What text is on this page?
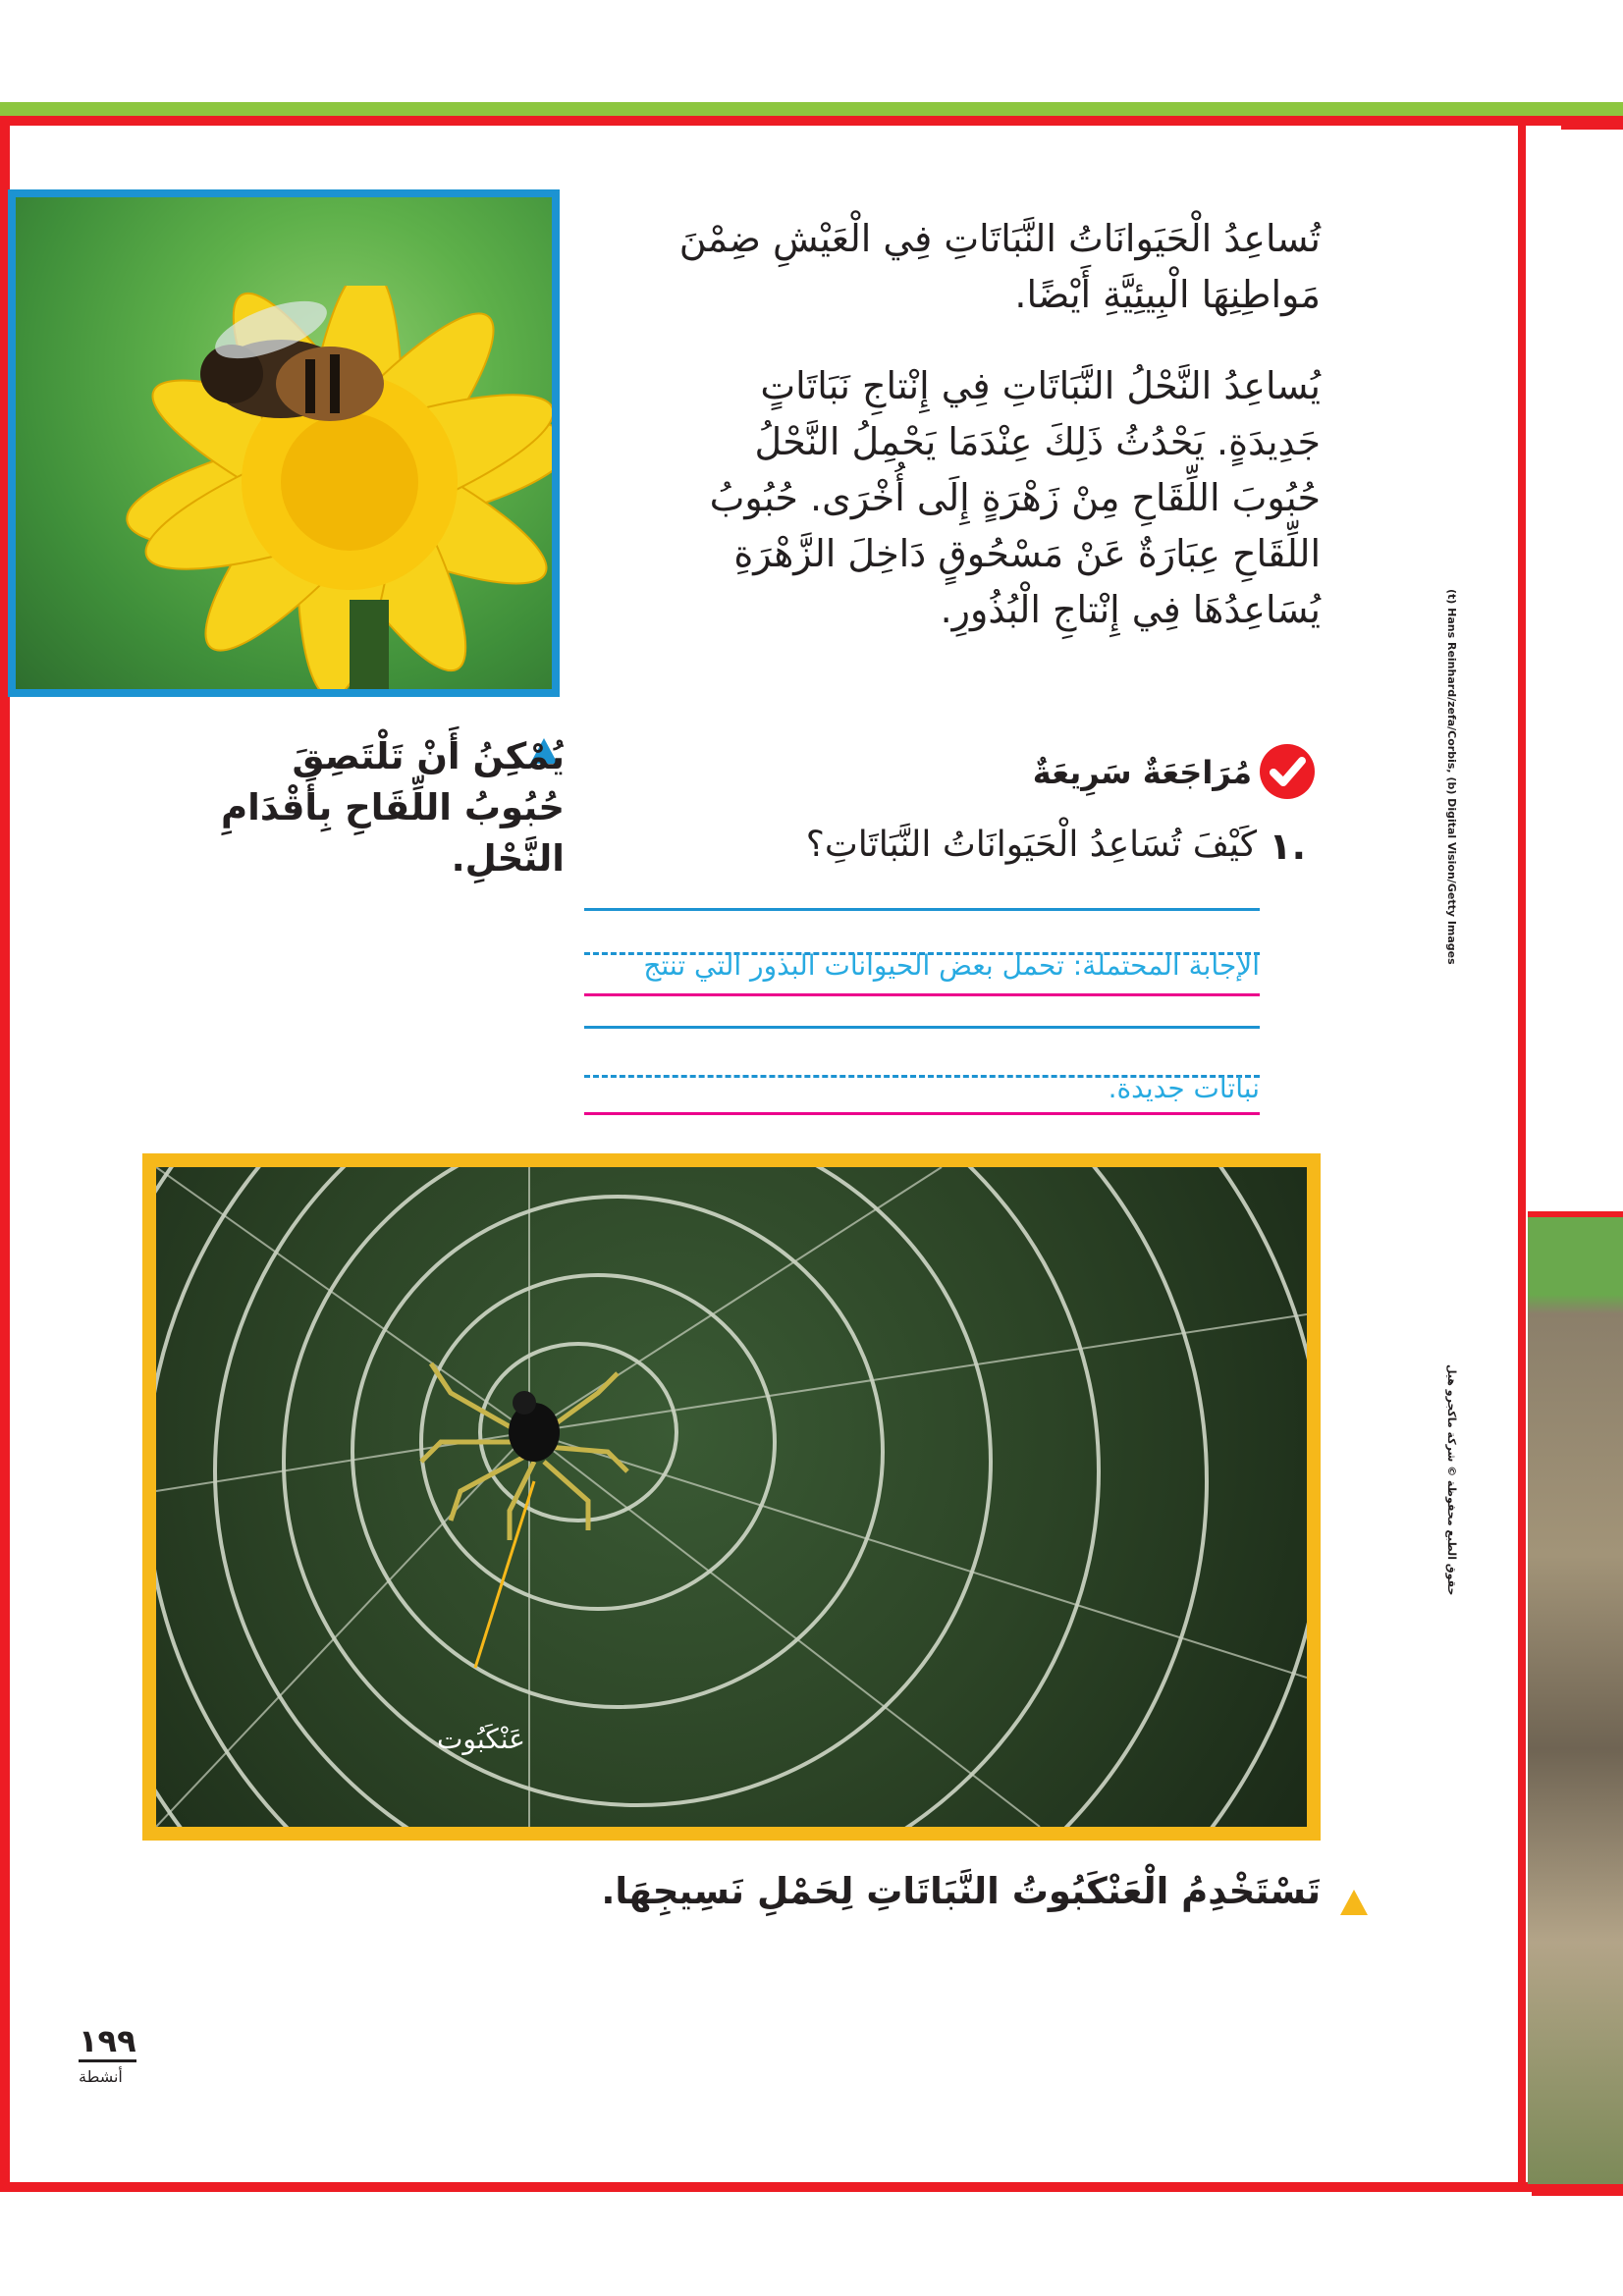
تُساعِدُ الْحَيَوانَاتُ النَّبَاتَاتِ فِي الْعَيْشِ ضِمْنَ مَواطِنِهَا الْبِيئِيَّةِ أَيْضًا.
يُساعِدُ النَّحْلُ النَّبَاتَاتِ فِي إِنْتاجِ نَبَاتَاتٍ جَدِيدَةٍ. يَحْدُثُ ذَلِكَ عِنْدَمَا يَحْمِلُ النَّحْلُ حُبُوبَ اللِّقَاحِ مِنْ زَهْرَةٍ إِلَى أُخْرَى. حُبُوبُ اللِّقَاحِ عِبَارَةٌ عَنْ مَسْحُوقٍ دَاخِلَ الزَّهْرَةِ يُسَاعِدُهَا فِي إِنْتاجِ الْبُذُورِ.
يُمْكِنُ أَنْ تَلْتَصِقَ حُبُوبُ اللِّقَاحِ بِأَقْدَامِ النَّحْلِ.
مُرَاجَعَةٌ سَرِيعَةٌ
١.
كَيْفَ تُسَاعِدُ الْحَيَوانَاتُ النَّبَاتَاتِ؟
الإجابة المحتملة: تحمل بعض الحيوانات البذور التي تنتج
نباتات جديدة.
عَنْكَبُوت
تَسْتَخْدِمُ الْعَنْكَبُوتُ النَّبَاتَاتِ لِحَمْلِ نَسِيجِهَا.
١٩٩
أنشطة
(t) Hans Reinhard/zefa/Corbis, (b) Digital Vision/Getty Images
حقوق الطبع محفوظة © شركة ماكجرو هيل
